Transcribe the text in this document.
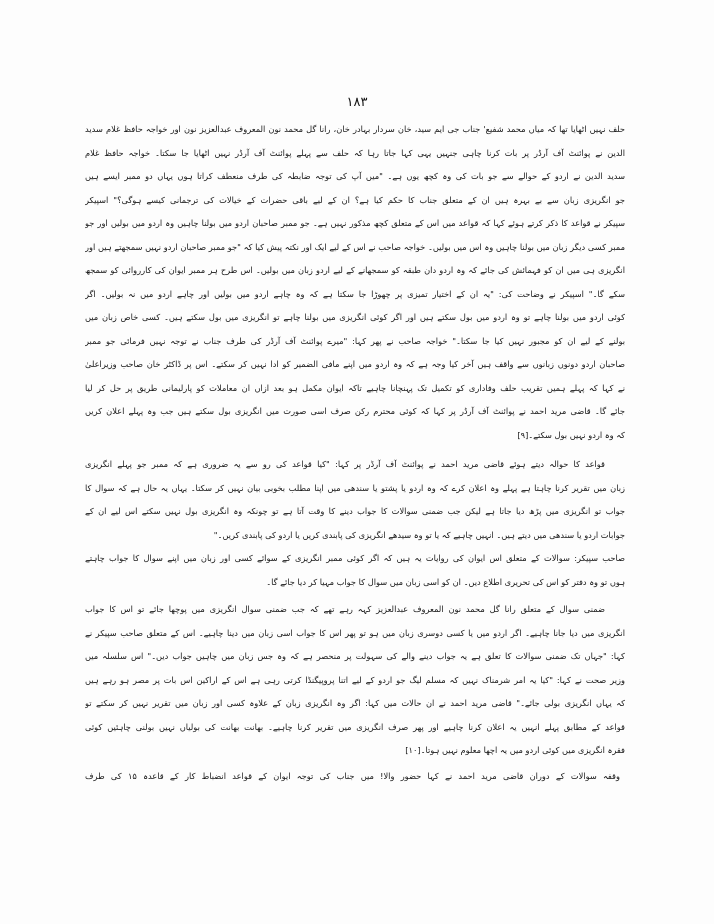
۱۸۳
حلف نہیں اٹھایا تھا کہ میاں محمد شفیع' جناب جی ایم سید، خان سردار بہادر خان، رانا گل محمد نون المعروف عبدالعزیز نون اور خواجہ حافظ غلام سدید
الدین نے پوائنٹ آف آرڈر پر بات کرنا چاہی جنہیں یہی کہا جاتا رہا کہ حلف سے پہلے پوائنٹ آف آرڈر نہیں اٹھایا جا سکتا۔ خواجہ حافظ غلام
سدید الدین نے اردو کے حوالے سے جو بات کی وہ کچھ یوں ہے۔ "میں آپ کی توجہ ضابطہ کی طرف منعطف کراتا ہوں یہاں دو ممبر ایسے ہیں
جو انگریزی زبان سے بے بہرہ ہیں ان کے متعلق جناب کا حکم کیا ہے؟ ان کے لیے باقی حضرات کے خیالات کی ترجمانی کیسے ہوگی؟" اسپیکر
سپیکر نے قواعد کا ذکر کرتے ہوئے کہا کہ قواعد میں اس کے متعلق کچھ مذکور نہیں ہے۔ جو ممبر صاحبان اردو میں بولنا چاہیں وہ اردو میں بولیں اور جو
ممبر کسی دیگر زبان میں بولنا چاہیں وہ اس میں بولیں۔ خواجہ صاحب نے اس کے لیے ایک اور نکتہ پیش کیا کہ "جو ممبر صاحبان اردو نہیں سمجھتے ہیں اور
انگریزی ہی میں ان کو فہمائش کی جائے کہ وہ اردو دان طبقہ کو سمجھانے کے لیے اردو زبان میں بولیں۔ اس طرح ہر ممبر ایوان کی کارروائی کو سمجھ
سکے گا۔" اسپیکر نے وضاحت کی: "یہ ان کے اختیار تمیزی پر چھوڑا جا سکتا ہے کہ وہ چاہے اردو میں بولیں اور چاہے اردو میں نہ بولیں۔ اگر
کوئی اردو میں بولنا چاہے تو وہ اردو میں بول سکتے ہیں اور اگر کوئی انگریزی میں بولنا چاہے تو انگریزی میں بول سکتے ہیں۔ کسی خاص زبان میں
بولنے کے لیے ان کو مجبور نہیں کیا جا سکتا۔" خواجہ صاحب نے پھر کہا: "میرے پوائنٹ آف آرڈر کی طرف جناب نے توجہ نہیں فرمائی جو ممبر
صاحبان اردو دونوں زبانوں سے واقف ہیں آخر کیا وجہ ہے کہ وہ اردو میں اپنے مافی الضمیر کو ادا نہیں کر سکتے۔ اس پر ڈاکٹر خان صاحب وزیراعلیٰ
نے کہا کہ پہلے ہمیں تقریب حلف وفاداری کو تکمیل تک پہنچانا چاہیے تاکہ ایوان مکمل ہو بعد ازاں ان معاملات کو پارلیمانی طریق پر حل کر لیا
جائے گا۔ قاضی مرید احمد نے پوائنٹ آف آرڈر پر کہا کہ کوئی محترم رکن صرف اسی صورت میں انگریزی بول سکتے ہیں جب وہ پہلے اعلان کریں
کہ وہ اردو نہیں بول سکتے۔[۹]
قواعد کا حوالہ دیتے ہوئے قاضی مرید احمد نے پوائنٹ آف آرڈر پر کہا: "کیا قواعد کی رو سے یہ ضروری ہے کہ ممبر جو پہلے انگریزی
زبان میں تقریر کرنا چاہتا ہے پہلے وہ اعلان کرے کہ وہ اردو یا پشتو یا سندھی میں اپنا مطلب بخوبی بیان نہیں کر سکتا۔ یہاں یہ حال ہے کہ سوال کا
جواب تو انگریزی میں پڑھ دیا جاتا ہے لیکن جب ضمنی سوالات کا جواب دینے کا وقت آتا ہے تو چونکہ وہ انگریزی بول نہیں سکتے اس لیے ان کے
جوابات اردو یا سندھی میں دیتے ہیں۔ انہیں چاہیے کہ یا تو وہ سیدھے انگریزی کی پابندی کریں یا اردو کی پابندی کریں۔"
صاحب سپیکر: سوالات کے متعلق اس ایوان کی روایات یہ ہیں کہ اگر کوئی ممبر انگریزی کے سوائے کسی اور زبان میں اپنے سوال کا جواب چاہتے
ہوں تو وہ دفتر کو اس کی تحریری اطلاع دیں۔ ان کو اسی زبان میں سوال کا جواب مہیا کر دیا جائے گا۔
ضمنی سوال کے متعلق رانا گل محمد نون المعروف عبدالعزیز کہہ رہے تھے کہ جب ضمنی سوال انگریزی میں پوچھا جائے تو اس کا جواب
انگریزی میں دیا جانا چاہیے۔ اگر اردو میں یا کسی دوسری زبان میں ہو تو پھر اس کا جواب اسی زبان میں دینا چاہیے۔ اس کے متعلق صاحب سپیکر نے
کہا: "جہاں تک ضمنی سوالات کا تعلق ہے یہ جواب دینے والے کی سہولت پر منحصر ہے کہ وہ جس زبان میں چاہیں جواب دیں۔" اس سلسلہ میں
وزیر صحت نے کہا: "کیا یہ امر شرمناک نہیں کہ مسلم لیگ جو اردو کے لیے اتنا پروپیگنڈا کرتی رہی ہے اس کے اراکین اس بات پر مصر ہو رہے ہیں
کہ یہاں انگریزی بولی جائے۔" قاضی مرید احمد نے ان حالات میں کہا: اگر وہ انگریزی زبان کے علاوہ کسی اور زبان میں تقریر نہیں کر سکتے تو
قواعد کے مطابق پہلے انہیں یہ اعلان کرنا چاہیے اور پھر صرف انگریزی میں تقریر کرنا چاہیے۔ بھانت بھانت کی بولیاں نہیں بولنی چاہئیں کوئی
فقرہ انگریزی میں کوئی اردو میں یہ اچھا معلوم نہیں ہوتا۔[۱۰]
وقفہ سوالات کے دوران قاضی مرید احمد نے کہا حضور والا! میں جناب کی توجہ ایوان کے قواعد انضباط کار کے قاعدہ ۱۵ کی طرف
